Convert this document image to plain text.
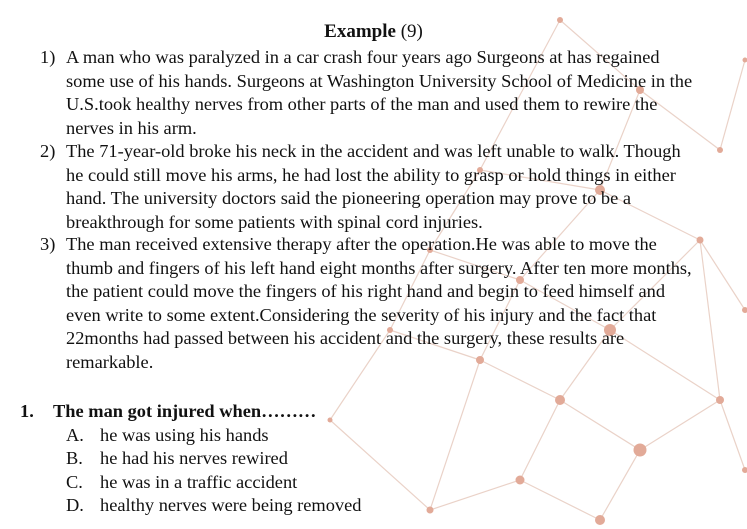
Example (9)
1) A man who was paralyzed in a car crash four years ago Surgeons at has regained some use of his hands. Surgeons at Washington University School of Medicine in the U.S.took healthy nerves from other parts of the man and used them to rewire the nerves in his arm.
2) The 71-year-old broke his neck in the accident and was left unable to walk. Though he could still move his arms, he had lost the ability to grasp or hold things in either hand. The university doctors said the pioneering operation may prove to be a breakthrough for some patients with spinal cord injuries.
3) The man received extensive therapy after the operation.He was able to move the thumb and fingers of his left hand eight months after surgery. After ten more months, the patient could move the fingers of his right hand and begin to feed himself and even write to some extent.Considering the severity of his injury and the fact that 22months had passed between his accident and the surgery, these results are remarkable.
1. The man got injured when………
A. he was using his hands
B. he had his nerves rewired
C. he was in a traffic accident
D. healthy nerves were being removed
